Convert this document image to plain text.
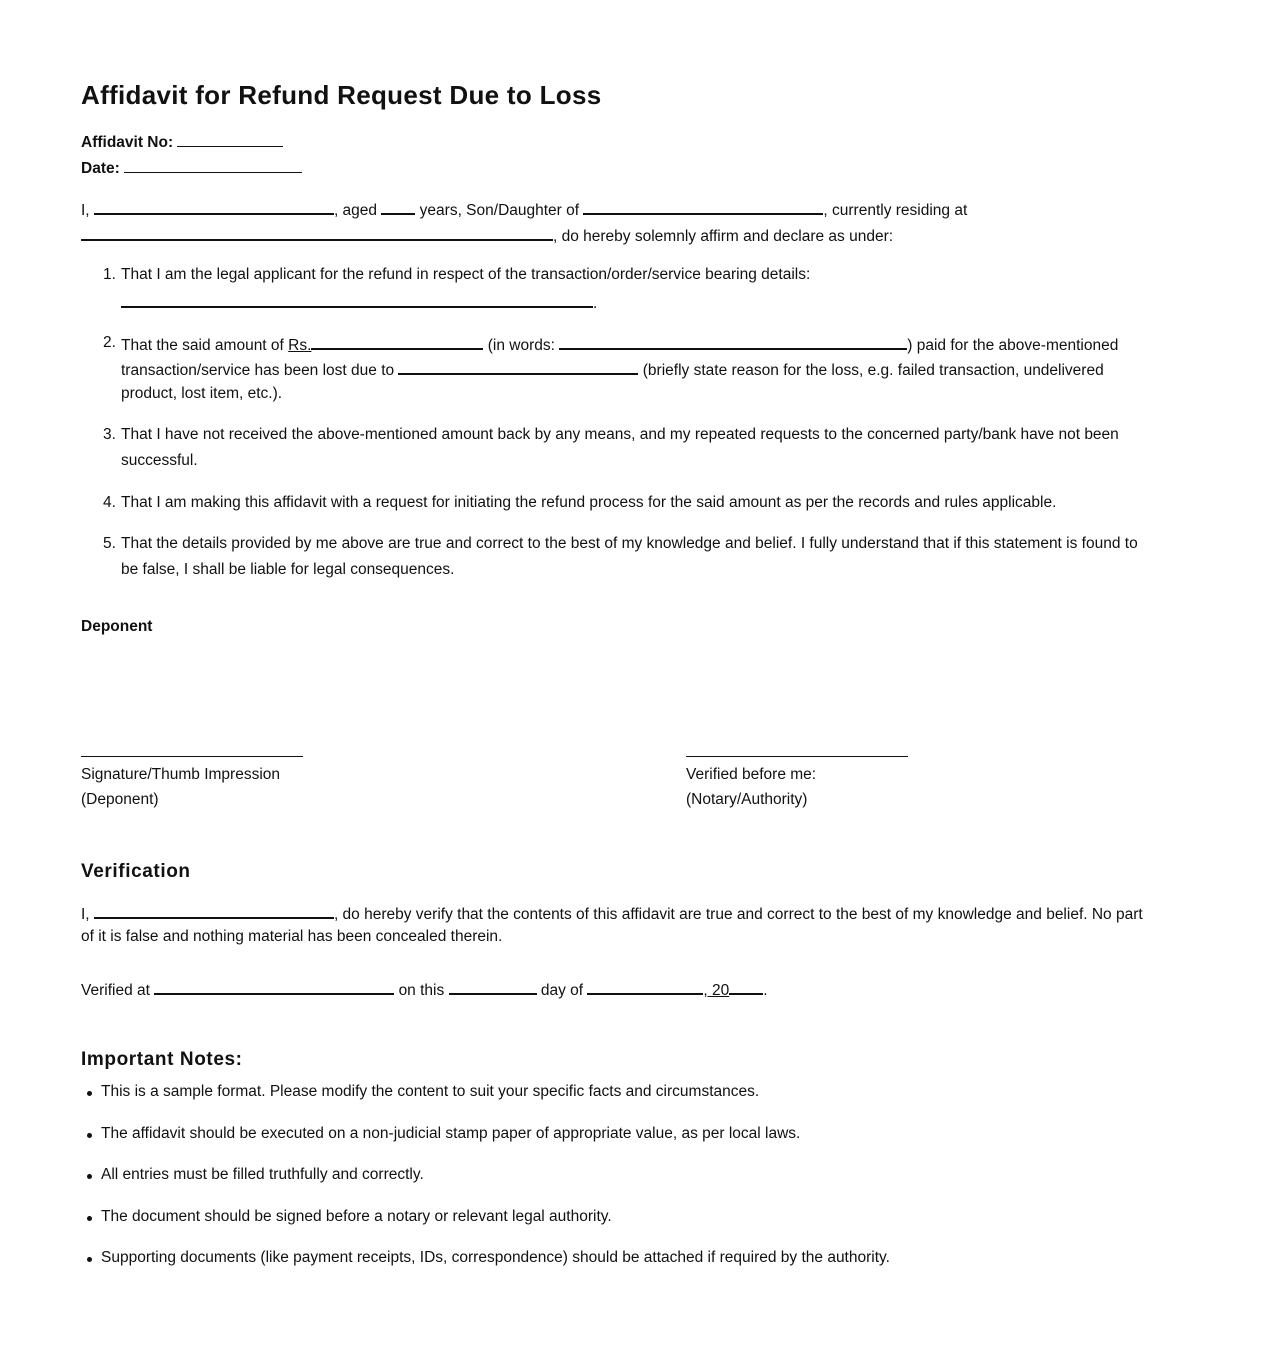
Affidavit for Refund Request Due to Loss
Affidavit No:
Date:
I,	, aged	years, Son/Daughter of	, currently residing at
, do hereby solemnly affirm and declare as under:
1. That I am the legal applicant for the refund in respect of the transaction/order/service bearing details:
.
2. That the said amount of Rs.	(in words:	) paid for the above-mentioned
transaction/service has been lost due to	(briefly state reason for the loss, e.g. failed transaction, undelivered
product, lost item, etc.).
3. That I have not received the above-mentioned amount back by any means, and my repeated requests to the concerned party/bank have not been
successful.
4. That I am making this affidavit with a request for initiating the refund process for the said amount as per the records and rules applicable.
5. That the details provided by me above are true and correct to the best of my knowledge and belief. I fully understand that if this statement is found to
be false, I shall be liable for legal consequences.
Deponent
Signature/Thumb Impression
(Deponent)
Verified before me:
(Notary/Authority)
Verification
I,	, do hereby verify that the contents of this affidavit are true and correct to the best of my knowledge and belief. No part
of it is false and nothing material has been concealed therein.
Verified at	on this	day of	, 20 .
Important Notes:
This is a sample format. Please modify the content to suit your specific facts and circumstances.
The affidavit should be executed on a non-judicial stamp paper of appropriate value, as per local laws.
All entries must be filled truthfully and correctly.
The document should be signed before a notary or relevant legal authority.
Supporting documents (like payment receipts, IDs, correspondence) should be attached if required by the authority.
